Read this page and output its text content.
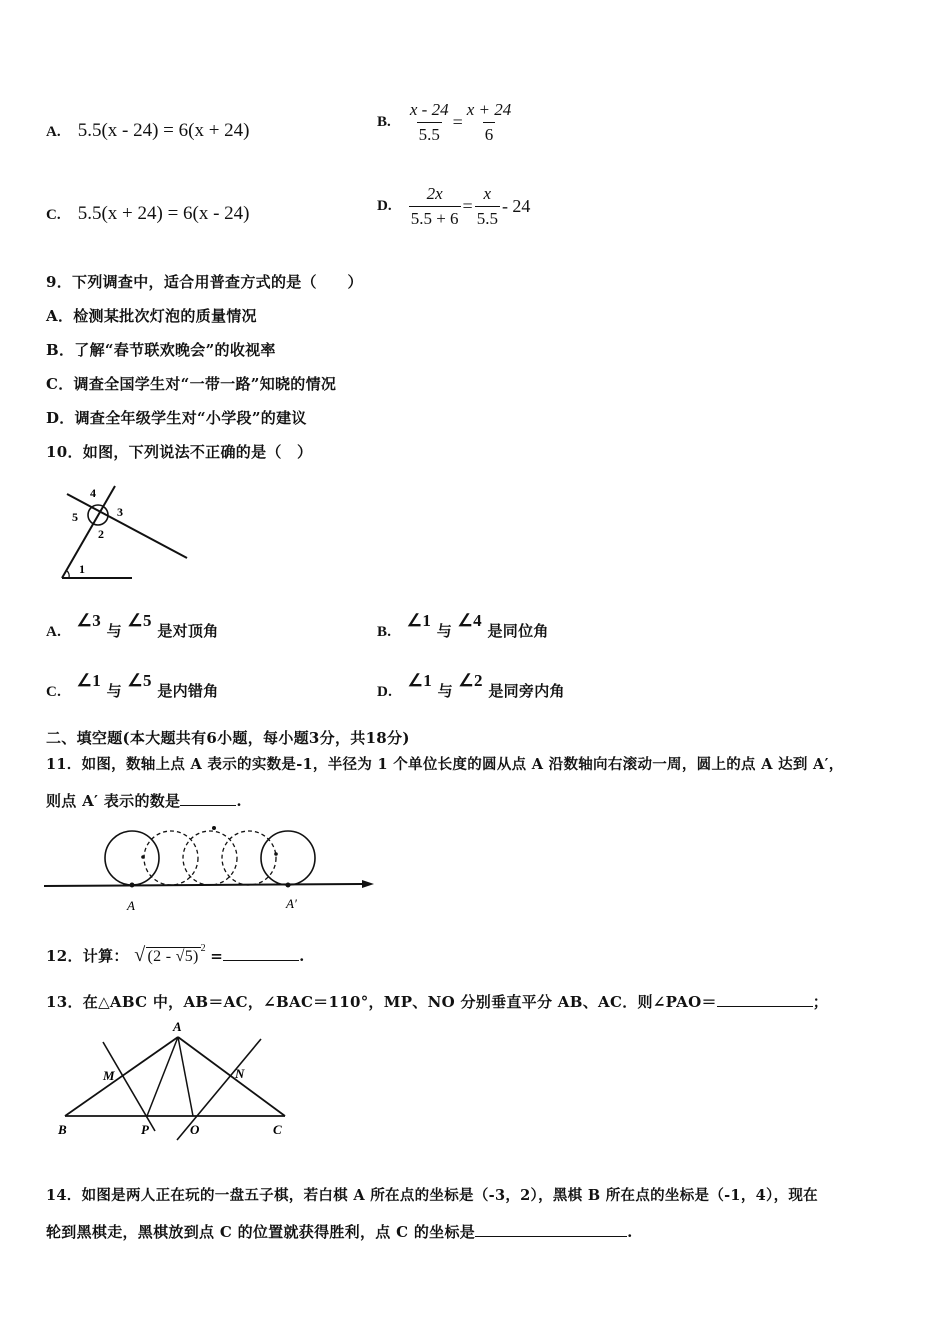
A. 5.5(x - 24) = 6(x + 24)	B. $\frac{x - 24}{5.5} = \frac{x + 24}{6}$
C. 5.5(x + 24) = 6(x - 24)	D. $\frac{2x}{5.5 + 6} = \frac{x}{5.5} - 24$
9．下列调查中，适合用普查方式的是（　　）
A．检测某批次灯泡的质量情况
B．了解“春节联欢晚会”的收视率
C．调查全国学生对“一带一路”知晓的情况
D．调查全年级学生对“小学段”的建议
10．如图，下列说法不正确的是（　）
4
5	3
2
1
A. ∠3 与 ∠5 是对顶角	B. ∠1 与 ∠4 是同位角
C. ∠1 与 ∠5 是内错角	D. ∠1 与 ∠2 是同旁内角
二、填空题(本大题共有6小题，每小题3分，共18分)
11．如图，数轴上点 A 表示的实数是-1，半径为 1 个单位长度的圆从点 A 沿数轴向右滚动一周，圆上的点 A 达到 A′，
则点 A′ 表示的数是	.
A	A′
12．计算： √ (2 - √5) $^2$ =	.
13．在△ABC 中，AB＝AC，∠BAC＝110°，MP、NO 分别垂直平分 AB、AC．则∠PAO＝	；
A
B	C
M	N
P	O
14．如图是两人正在玩的一盘五子棋，若白棋 A 所在点的坐标是（-3，2），黑棋 B 所在点的坐标是（-1，4），现在
轮到黑棋走，黑棋放到点 C 的位置就获得胜利，点 C 的坐标是	.
